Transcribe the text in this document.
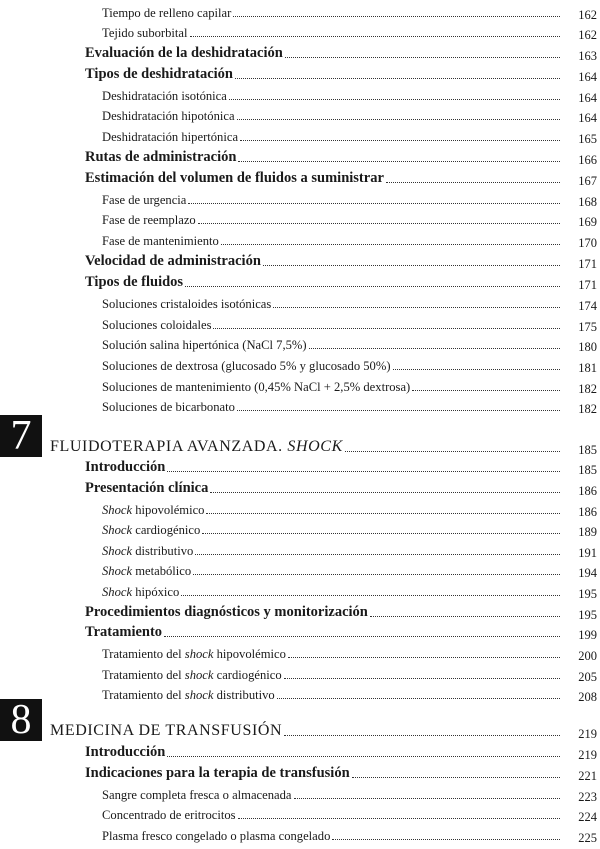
Tiempo de relleno capilar	162
Tejido suborbital	162
Evaluación de la deshidratación	163
Tipos de deshidratación	164
Deshidratación isotónica	164
Deshidratación hipotónica	164
Deshidratación hipertónica	165
Rutas de administración	166
Estimación del volumen de fluidos a suministrar	167
Fase de urgencia	168
Fase de reemplazo	169
Fase de mantenimiento	170
Velocidad de administración	171
Tipos de fluidos	171
Soluciones cristaloides isotónicas	174
Soluciones coloidales	175
Solución salina hipertónica (NaCl 7,5%)	180
Soluciones de dextrosa (glucosado 5% y glucosado 50%)	181
Soluciones de mantenimiento (0,45% NaCl + 2,5% dextrosa)	182
Soluciones de bicarbonato	182
7	FLUIDOTERAPIA AVANZADA. SHOCK	185
Introducción	185
Presentación clínica	186
Shock hipovolémico	186
Shock cardiogénico	189
Shock distributivo	191
Shock metabólico	194
Shock hipóxico	195
Procedimientos diagnósticos y monitorización	195
Tratamiento	199
Tratamiento del shock hipovolémico	200
Tratamiento del shock cardiogénico	205
Tratamiento del shock distributivo	208
8	MEDICINA DE TRANSFUSIÓN	219
Introducción	219
Indicaciones para la terapia de transfusión	221
Sangre completa fresca o almacenada	223
Concentrado de eritrocitos	224
Plasma fresco congelado o plasma congelado	225
